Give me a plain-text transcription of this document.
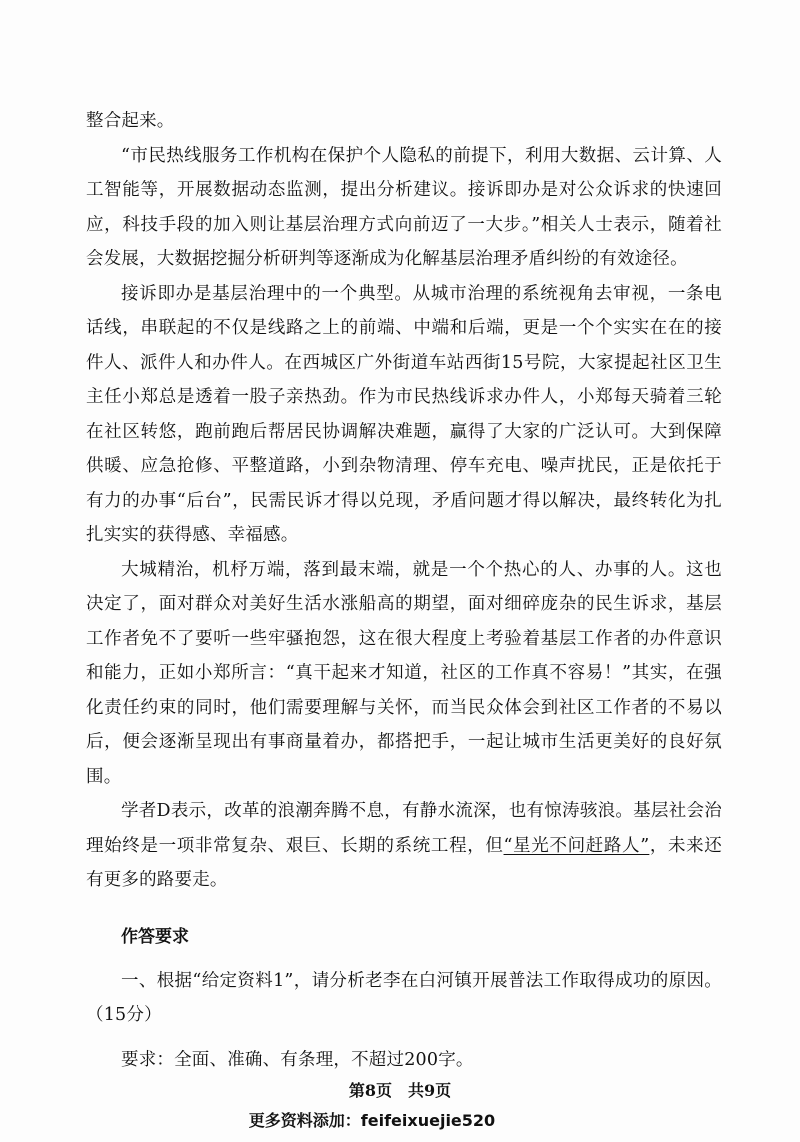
整合起来。

“市民热线服务工作机构在保护个人隐私的前提下，利用大数据、云计算、人工智能等，开展数据动态监测，提出分析建议。接诉即办是对公众诉求的快速回应，科技手段的加入则让基层治理方式向前迈了一大步。”相关人士表示，随着社会发展，大数据挖掘分析研判等逐渐成为化解基层治理矛盾纠纷的有效途径。

接诉即办是基层治理中的一个典型。从城市治理的系统视角去审视，一条电话线，串联起的不仅是线路之上的前端、中端和后端，更是一个个实实在在的接件人、派件人和办件人。在西城区广外街道车站西街15号院，大家提起社区卫生主任小郑总是透着一股子亲热劲。作为市民热线诉求办件人，小郑每天骑着三轮在社区转悠，跑前跑后帮居民协调解决难题，赢得了大家的广泛认可。大到保障供暖、应急抢修、平整道路，小到杂物清理、停车充电、噪声扰民，正是依托于有力的办事“后台”，民需民诉才得以兑现，矛盾问题才得以解决，最终转化为扎扎实实的获得感、幸福感。

大城精治，机杼万端，落到最末端，就是一个个热心的人、办事的人。这也决定了，面对群众对美好生活水涨船高的期望，面对细碎庞杂的民生诉求，基层工作者免不了要听一些牢骚抱怨，这在很大程度上考验着基层工作者的办件意识和能力，正如小郑所言：“真干起来才知道，社区的工作真不容易！”其实，在强化责任约束的同时，他们需要理解与关怀，而当民众体会到社区工作者的不易以后，便会逐渐呈现出有事商量着办，都搭把手，一起让城市生活更美好的良好氛围。

学者D表示，改革的浪潮奔腾不息，有静水流深，也有惊涛骇浪。基层社会治理始终是一项非常复杂、艰巨、长期的系统工程，但“星光不问赶路人”，未来还有更多的路要走。

作答要求

一、根据“给定资料1”，请分析老李在白河镇开展普法工作取得成功的原因。（15分）

要求：全面、准确、有条理，不超过200字。

第8页　共9页
更多资料添加：feifeixuejie520
